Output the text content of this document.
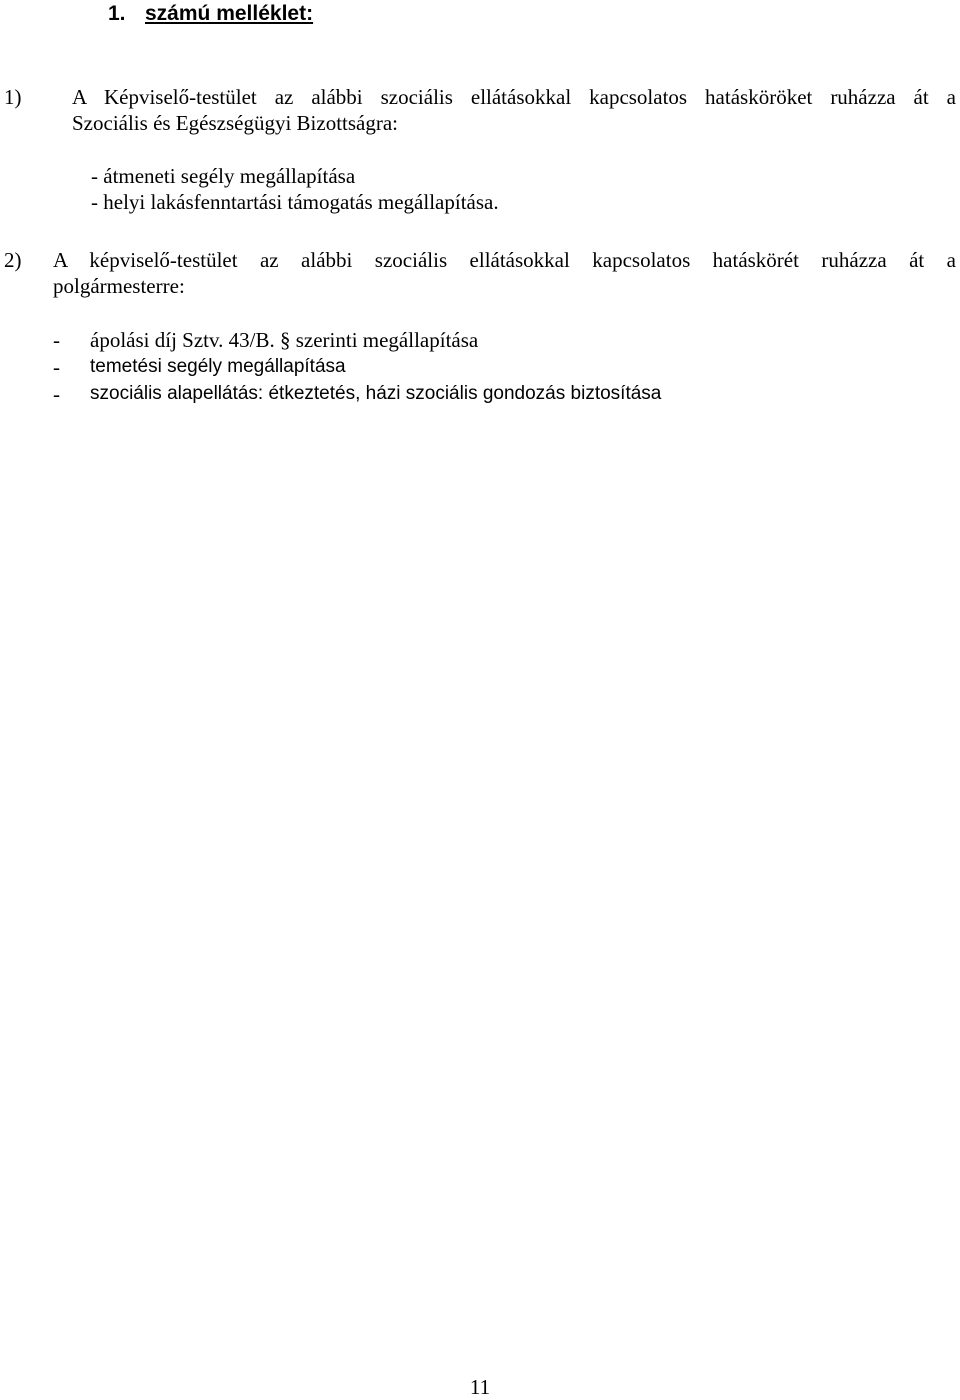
1. számú melléklet:
1) A Képviselő-testület az alábbi szociális ellátásokkal kapcsolatos hatásköröket ruházza át a
Szociális és Egészségügyi Bizottságra:
- átmeneti segély megállapítása
- helyi lakásfenntartási támogatás megállapítása.
2) A képviselő-testület az alábbi szociális ellátásokkal kapcsolatos hatáskörét ruházza át a
polgármesterre:
- ápolási díj Sztv. 43/B. § szerinti megállapítása
- temetési segély megállapítása
- szociális alapellátás: étkeztetés, házi szociális gondozás biztosítása
11
